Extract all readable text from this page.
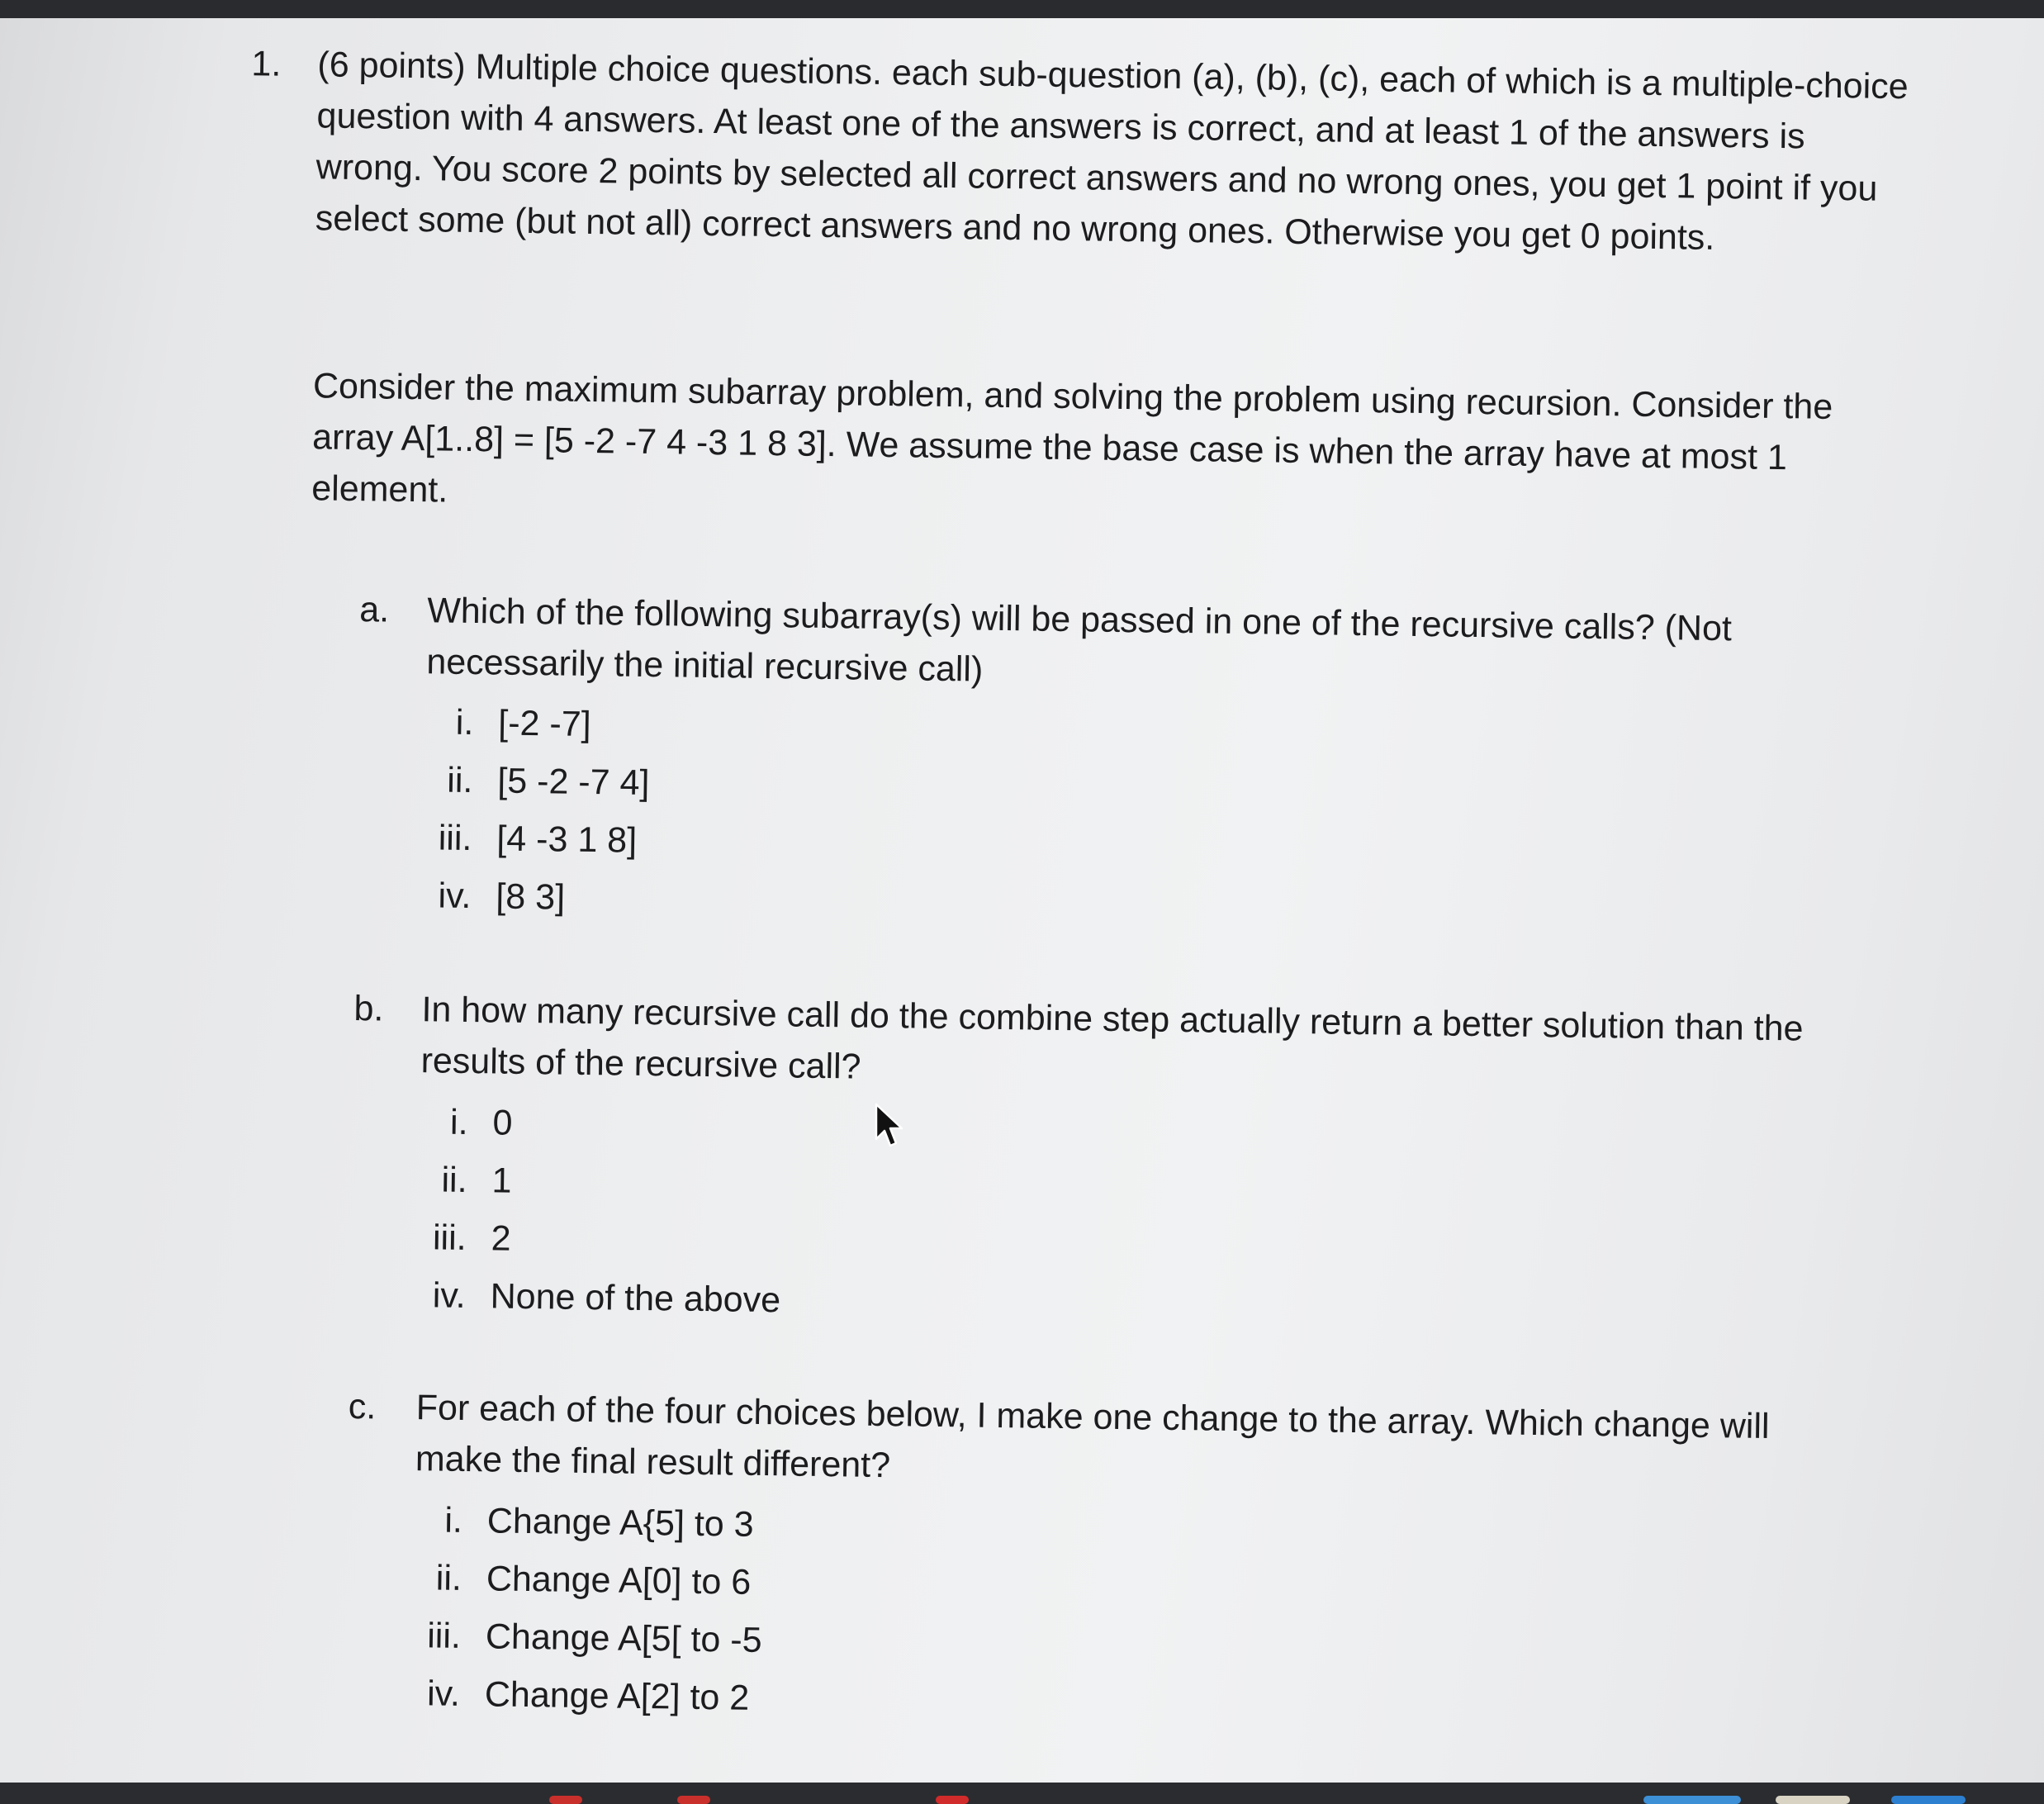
1. (6 points) Multiple choice questions. each sub-question (a), (b), (c), each of which is a multiple-choice question with 4 answers. At least one of the answers is correct, and at least 1 of the answers is wrong. You score 2 points by selected all correct answers and no wrong ones, you get 1 point if you select some (but not all) correct answers and no wrong ones. Otherwise you get 0 points.
Consider the maximum subarray problem, and solving the problem using recursion. Consider the array A[1..8] = [5 -2 -7 4 -3 1 8 3]. We assume the base case is when the array have at most 1 element.
a. Which of the following subarray(s) will be passed in one of the recursive calls? (Not necessarily the initial recursive call)
i. [-2 -7]
ii. [5 -2 -7 4]
iii. [4 -3 1 8]
iv. [8 3]
b. In how many recursive call do the combine step actually return a better solution than the results of the recursive call?
i. 0
ii. 1
iii. 2
iv. None of the above
c. For each of the four choices below, I make one change to the array. Which change will make the final result different?
i. Change A{5] to 3
ii. Change A[0] to 6
iii. Change A[5[ to -5
iv. Change A[2] to 2
